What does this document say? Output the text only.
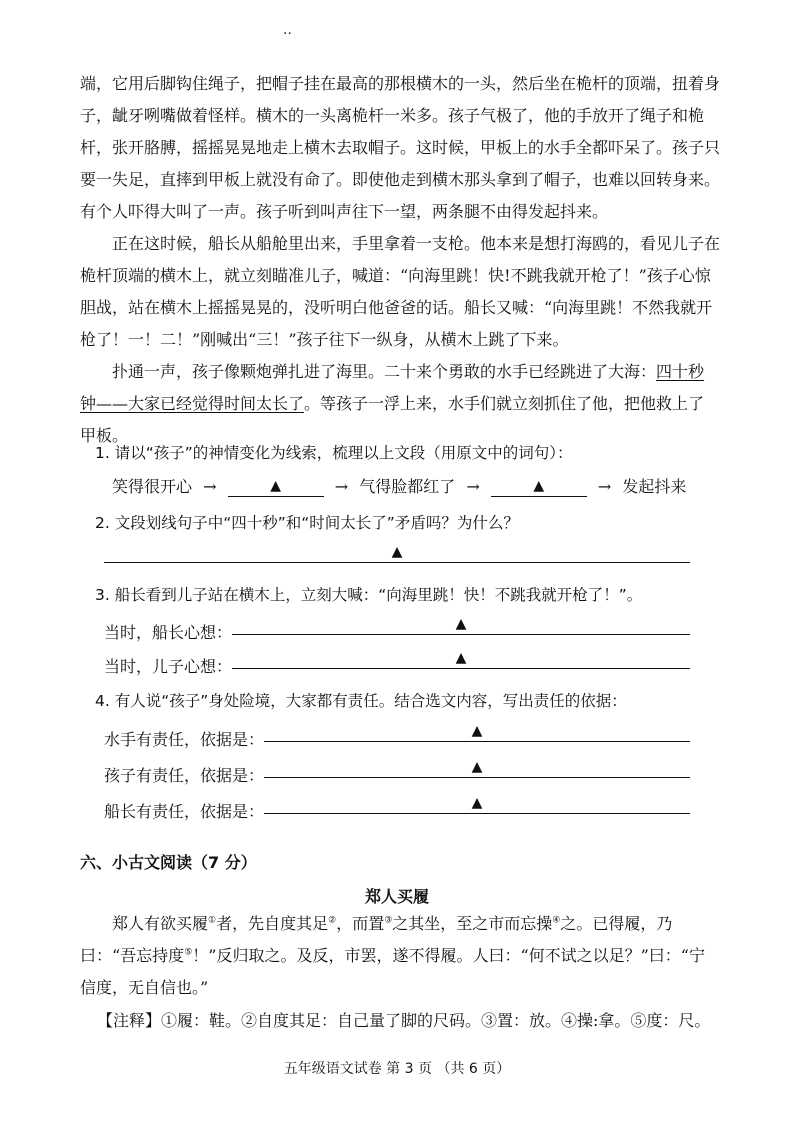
..

端，它用后脚钩住绳子，把帽子挂在最高的那根横木的一头，然后坐在桅杆的顶端，扭着身子，龇牙咧嘴做着怪样。横木的一头离桅杆一米多。孩子气极了，他的手放开了绳子和桅杆，张开胳膊，摇摇晃晃地走上横木去取帽子。这时候，甲板上的水手全都吓呆了。孩子只要一失足，直摔到甲板上就没有命了。即使他走到横木那头拿到了帽子，也难以回转身来。有个人吓得大叫了一声。孩子听到叫声往下一望，两条腿不由得发起抖来。

正在这时候，船长从船舱里出来，手里拿着一支枪。他本来是想打海鸥的，看见儿子在桅杆顶端的横木上，就立刻瞄准儿子，喊道：“向海里跳！快!不跳我就开枪了！”孩子心惊胆战，站在横木上摇摇晃晃的，没听明白他爸爸的话。船长又喊：“向海里跳！不然我就开枪了！一！二！”刚喊出“三！”孩子往下一纵身，从横木上跳了下来。

扑通一声，孩子像颗炮弹扎进了海里。二十来个勇敢的水手已经跳进了大海：四十秒钟——大家已经觉得时间太长了。等孩子一浮上来，水手们就立刻抓住了他，把他救上了甲板。

1. 请以“孩子”的神情变化为线索，梳理以上文段（用原文中的词句）：
笑得很开心 →	▲	→ 气得脸都红了 →	▲	→ 发起抖来
2. 文段划线句子中“四十秒”和“时间太长了”矛盾吗？为什么？
▲
3. 船长看到儿子站在横木上，立刻大喊：“向海里跳！快！不跳我就开枪了！”。
当时，船长心想：	▲
当时，儿子心想：	▲
4. 有人说“孩子”身处险境，大家都有责任。结合选文内容，写出责任的依据：
水手有责任，依据是：	▲
孩子有责任，依据是：	▲
船长有责任，依据是：	▲
六、小古文阅读（7 分）
郑人买履

郑人有欲买履①者，先自度其足②，而置③之其坐，至之市而忘操④之。已得履，乃曰：“吾忘持度⑤！”反归取之。及反，市罢，遂不得履。人曰：“何不试之以足？”曰：“宁信度，无自信也。”

【注释】①履：鞋。②自度其足：自己量了脚的尺码。③置：放。④操:拿。⑤度：尺。
五年级语文试卷 第 3 页 （共 6 页）
